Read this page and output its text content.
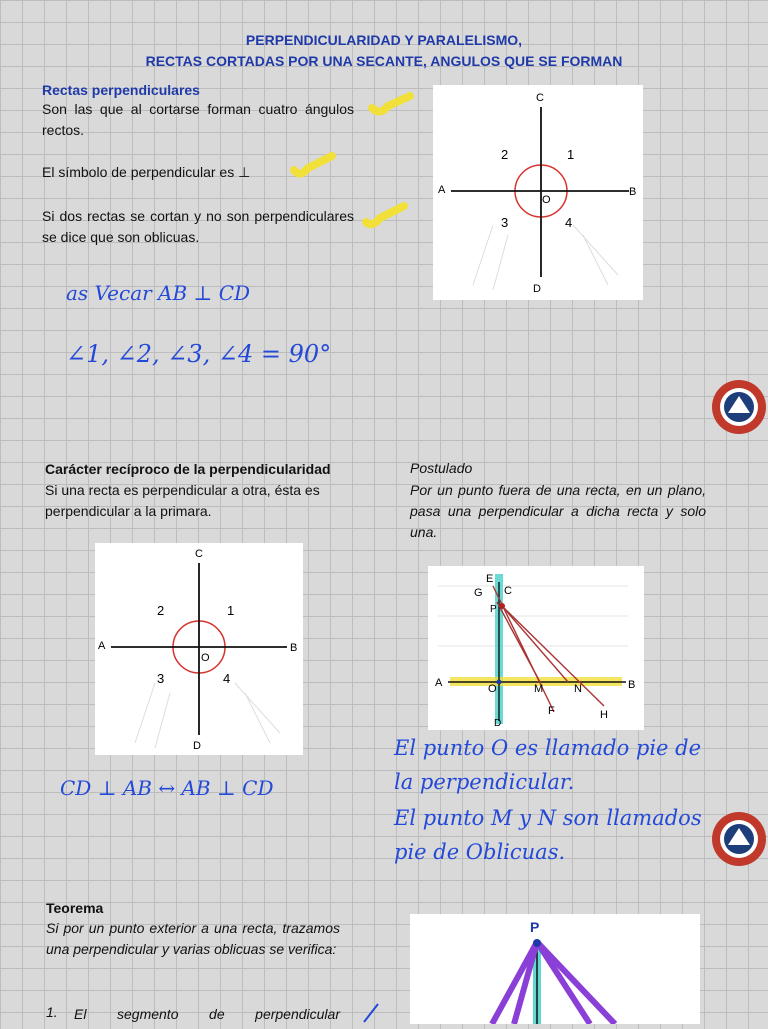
PERPENDICULARIDAD Y PARALELISMO,
RECTAS CORTADAS POR UNA SECANTE, ANGULOS QUE SE FORMAN
Rectas perpendiculares
Son las que al cortarse forman cuatro ángulos rectos.
El símbolo de perpendicular es ⊥
Si dos rectas se cortan y no son perpendiculares se dice que son oblicuas.
C
A	B
D
O
1
2
3	4
as Vecar AB ⊥ CD
∠1, ∠2, ∠3, ∠4 = 90°
Carácter recíproco de la perpendicularidad
Si una recta es perpendicular a otra, ésta es perpendicular a la primara.
Postulado
Por un punto fuera de una recta, en un plano, pasa una perpendicular a dicha recta y solo una.
C
A	B
D
O
1
2
3	4
CD ⊥ AB ↔ AB ⊥ CD
E
G C
P
A	O	M	N	B
F	H
D
El punto O es llamado pie de
la perpendicular.
El punto M y N son llamados
pie de Oblicuas.
Teorema
Si por un punto exterior a una recta, trazamos una perpendicular y varias oblicuas se verifica:
1. El segmento de perpendicular
P
